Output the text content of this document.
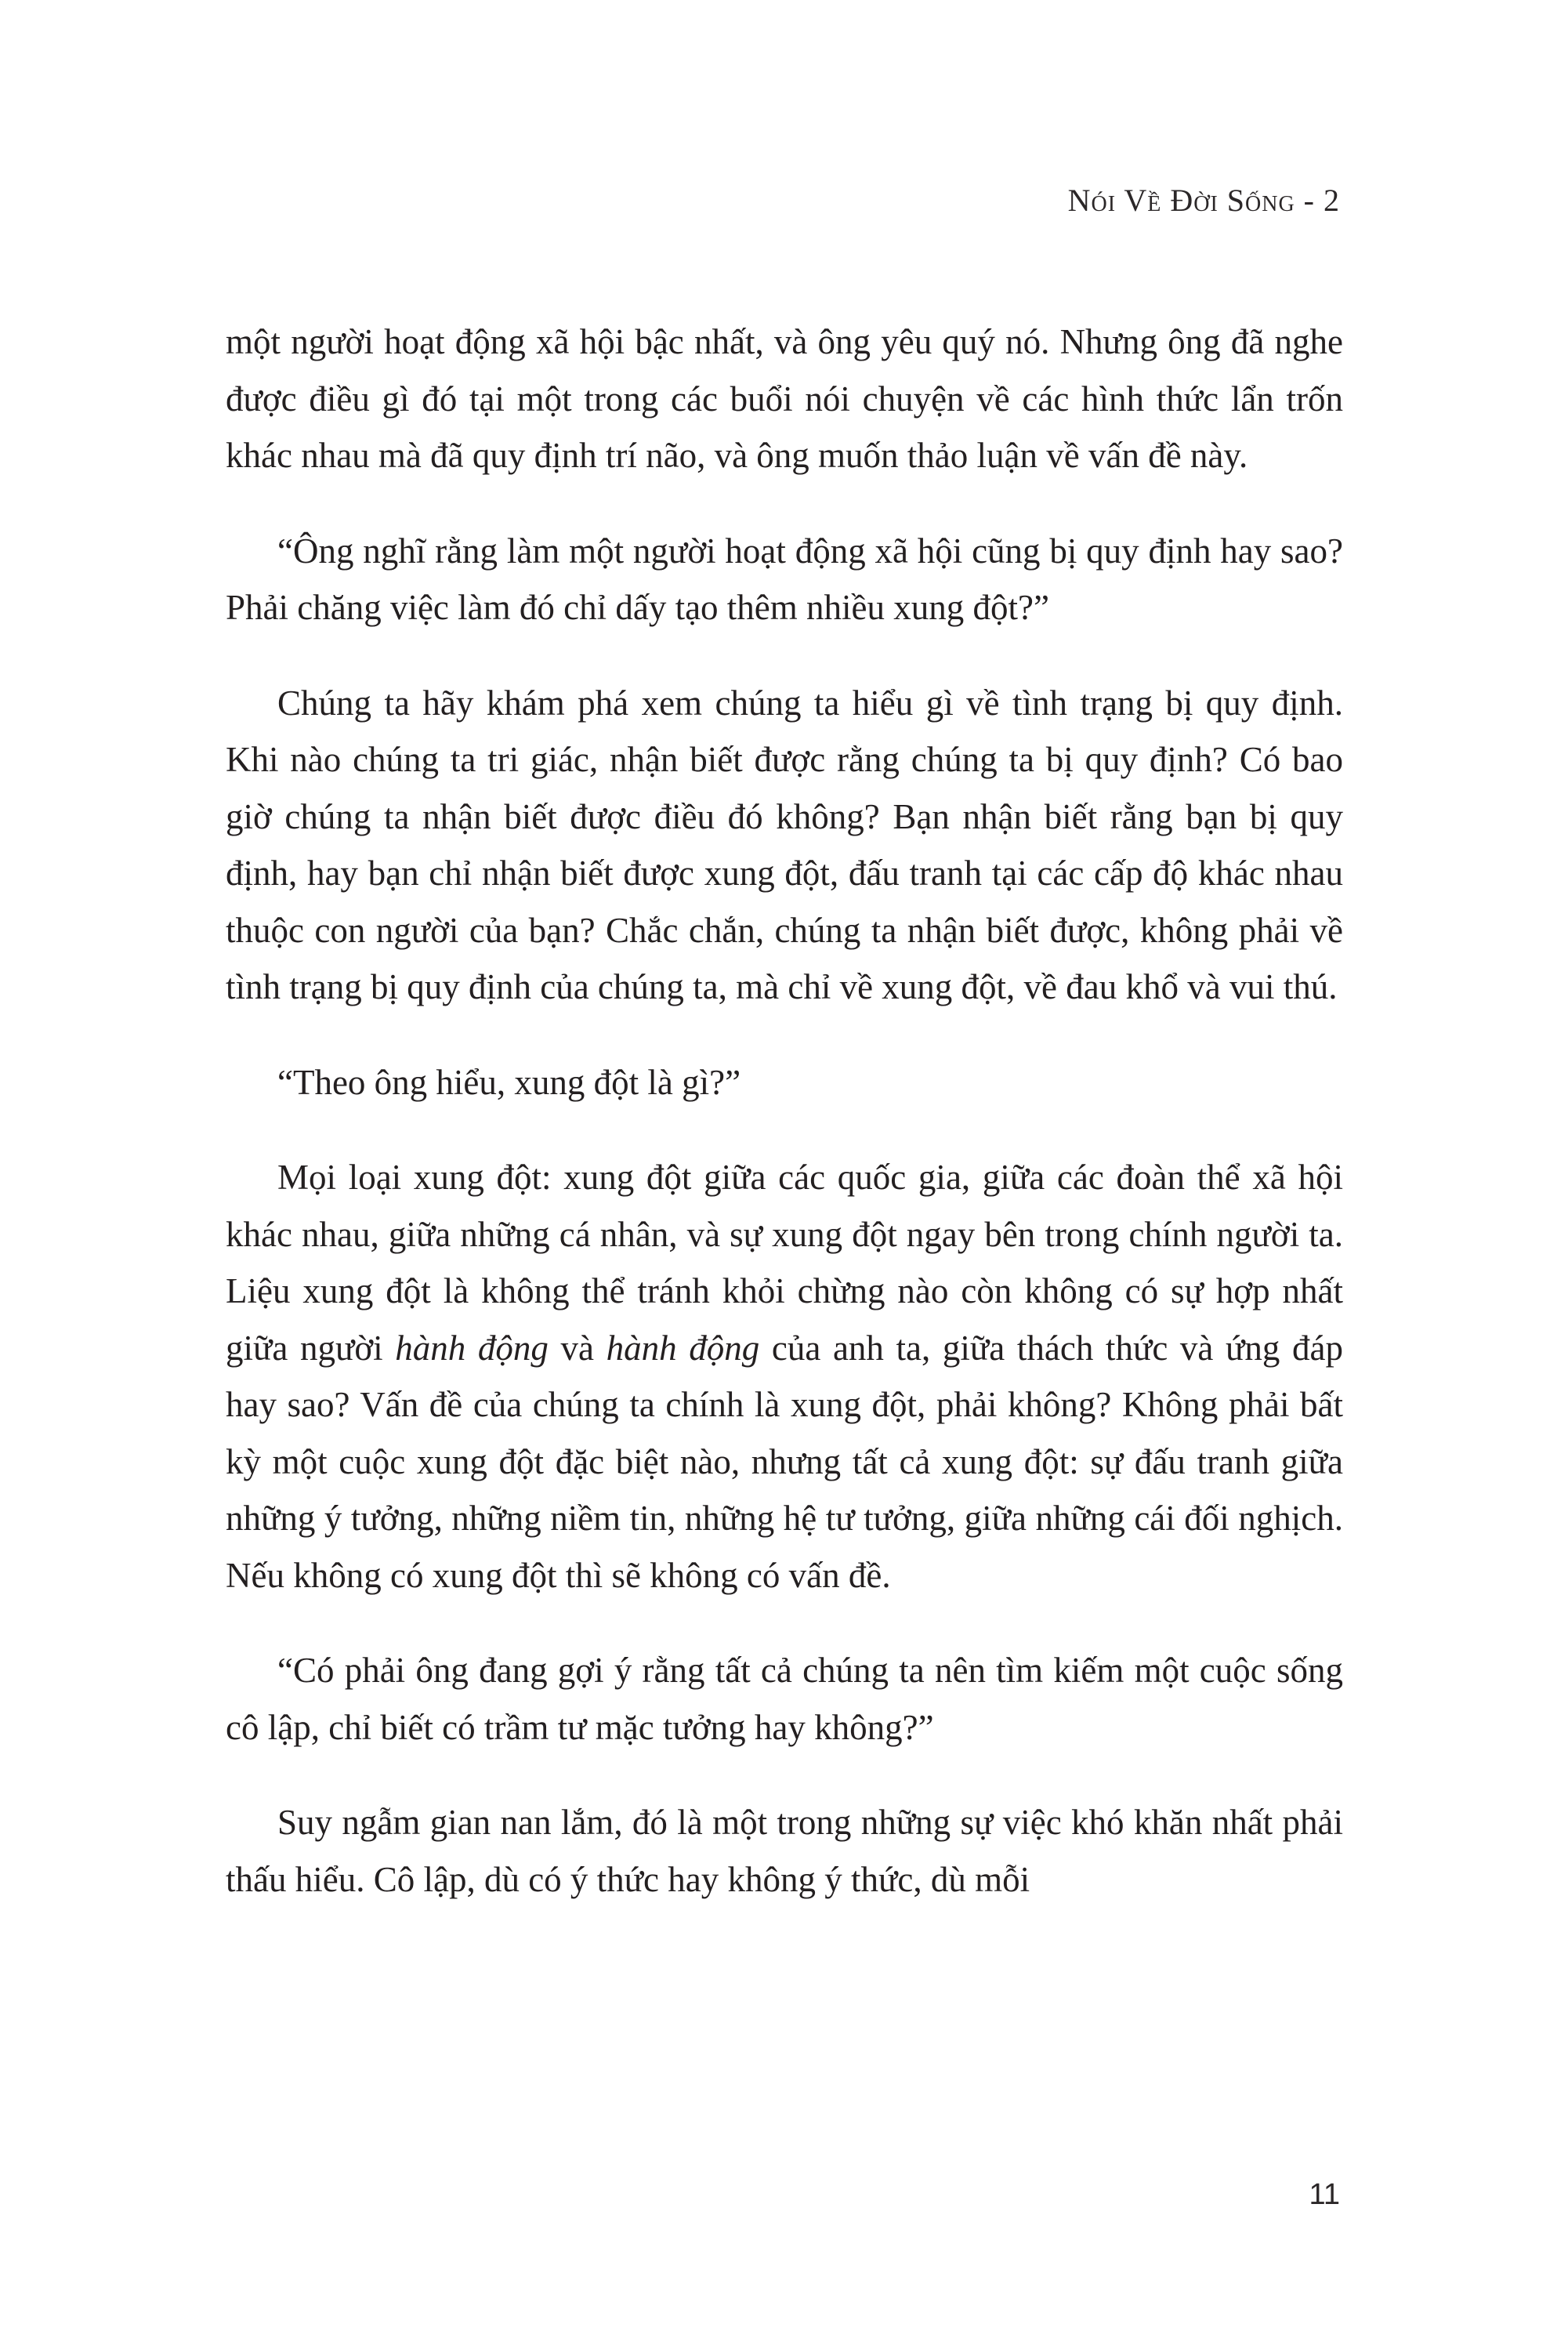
Nói Về Đời Sống - 2

một người hoạt động xã hội bậc nhất, và ông yêu quý nó. Nhưng ông đã nghe được điều gì đó tại một trong các buổi nói chuyện về các hình thức lẩn trốn khác nhau mà đã quy định trí não, và ông muốn thảo luận về vấn đề này.

“Ông nghĩ rằng làm một người hoạt động xã hội cũng bị quy định hay sao? Phải chăng việc làm đó chỉ dấy tạo thêm nhiều xung đột?”

Chúng ta hãy khám phá xem chúng ta hiểu gì về tình trạng bị quy định. Khi nào chúng ta tri giác, nhận biết được rằng chúng ta bị quy định? Có bao giờ chúng ta nhận biết được điều đó không? Bạn nhận biết rằng bạn bị quy định, hay bạn chỉ nhận biết được xung đột, đấu tranh tại các cấp độ khác nhau thuộc con người của bạn? Chắc chắn, chúng ta nhận biết được, không phải về tình trạng bị quy định của chúng ta, mà chỉ về xung đột, về đau khổ và vui thú.

“Theo ông hiểu, xung đột là gì?”

Mọi loại xung đột: xung đột giữa các quốc gia, giữa các đoàn thể xã hội khác nhau, giữa những cá nhân, và sự xung đột ngay bên trong chính người ta. Liệu xung đột là không thể tránh khỏi chừng nào còn không có sự hợp nhất giữa người hành động và hành động của anh ta, giữa thách thức và ứng đáp hay sao? Vấn đề của chúng ta chính là xung đột, phải không? Không phải bất kỳ một cuộc xung đột đặc biệt nào, nhưng tất cả xung đột: sự đấu tranh giữa những ý tưởng, những niềm tin, những hệ tư tưởng, giữa những cái đối nghịch. Nếu không có xung đột thì sẽ không có vấn đề.

“Có phải ông đang gợi ý rằng tất cả chúng ta nên tìm kiếm một cuộc sống cô lập, chỉ biết có trầm tư mặc tưởng hay không?”

Suy ngẫm gian nan lắm, đó là một trong những sự việc khó khăn nhất phải thấu hiểu. Cô lập, dù có ý thức hay không ý thức, dù mỗi

11
